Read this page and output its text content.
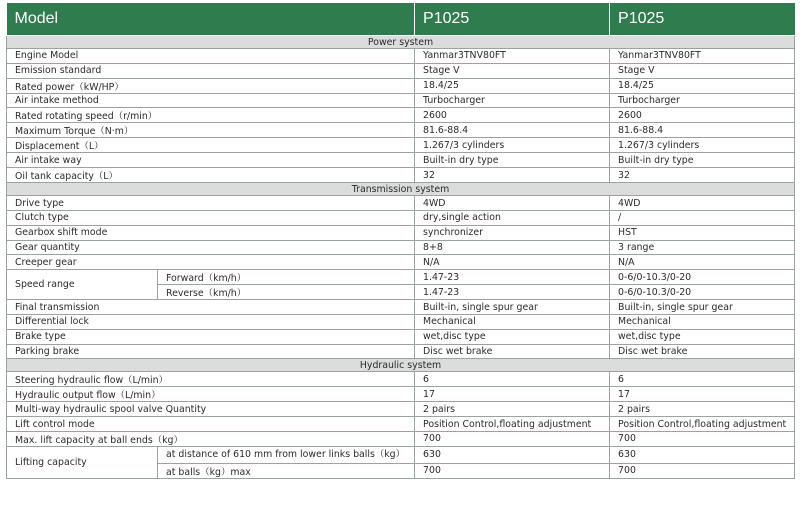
Model		P1025	P1025
Power system			
Engine Model		Yanmar3TNV80FT	Yanmar3TNV80FT
Emission standard		Stage V	Stage V
Rated power（kW/HP）		18.4/25	18.4/25
Air intake method		Turbocharger	Turbocharger
Rated rotating speed（r/min）		2600	2600
Maximum Torque（N·m）		81.6-88.4	81.6-88.4
Displacement（L）		1.267/3 cylinders	1.267/3 cylinders
Air intake way		Built-in dry type	Built-in dry type
Oil tank capacity（L）		32	32
Transmission system			
Drive type		4WD	4WD
Clutch type		dry,single action	/
Gearbox shift mode		synchronizer	HST
Gear quantity		8+8	3 range
Creeper gear		N/A	N/A
Speed range	Forward（km/h）	1.47-23	0-6/0-10.3/0-20
	Reverse（km/h）	1.47-23	0-6/0-10.3/0-20
Final transmission		Built-in, single spur gear	Built-in, single spur gear
Differential lock		Mechanical	Mechanical
Brake type		wet,disc type	wet,disc type
Parking brake		Disc wet brake	Disc wet brake
Hydraulic system			
Steering hydraulic flow（L/min）		6	6
Hydraulic output flow（L/min）		17	17
Multi-way hydraulic spool valve Quantity		2 pairs	2 pairs
Lift control mode		Position Control,floating adjustment	Position Control,floating adjustment
Max. lift capacity at ball ends（kg）		700	700
Lifting capacity	at distance of 610 mm from lower links balls（kg）	630	630
	at balls（kg）max	700	700
